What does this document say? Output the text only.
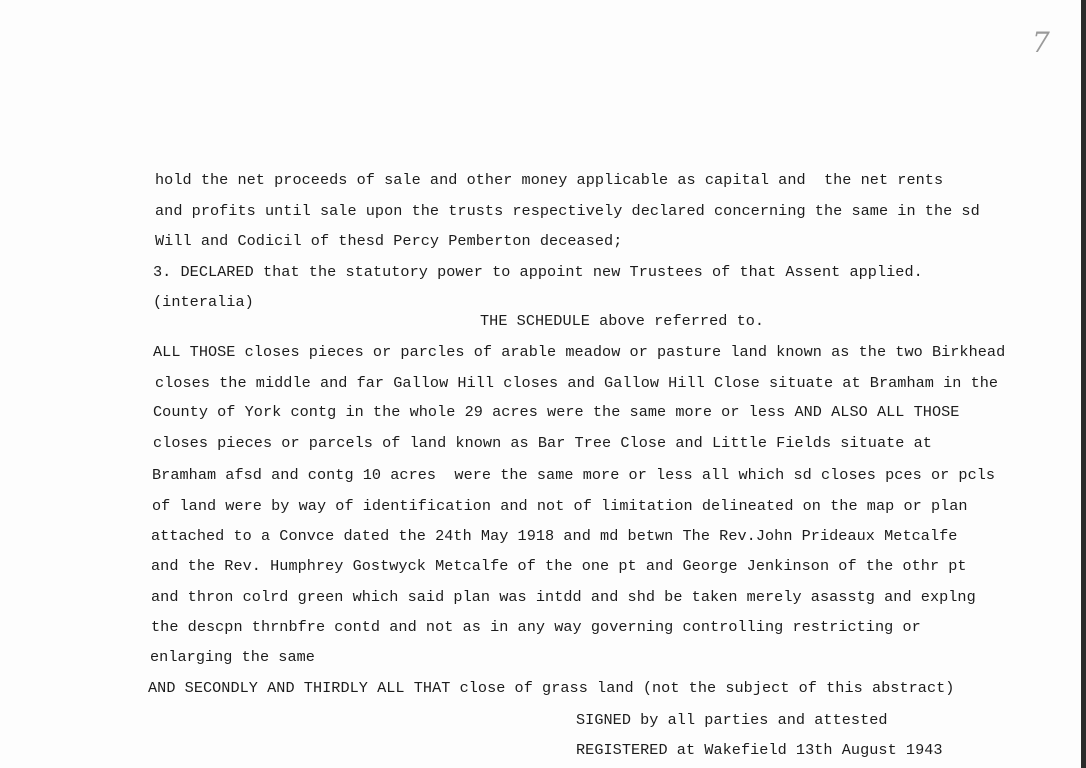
7
hold the net proceeds of sale and other money applicable as capital and  the net rents
and profits until sale upon the trusts respectively declared concerning the same in the sd
Will and Codicil of thesd Percy Pemberton deceased;
3. DECLARED that the statutory power to appoint new Trustees of that Assent applied.
(interalia)
THE SCHEDULE above referred to.
ALL THOSE closes pieces or parcles of arable meadow or pasture land known as the two Birkhead
closes the middle and far Gallow Hill closes and Gallow Hill Close situate at Bramham in the
County of York contg in the whole 29 acres were the same more or less AND ALSO ALL THOSE
closes pieces or parcels of land known as Bar Tree Close and Little Fields situate at
Bramham afsd and contg 10 acres  were the same more or less all which sd closes pces or pcls
of land were by way of identification and not of limitation delineated on the map or plan
attached to a Convce dated the 24th May 1918 and md betwn The Rev.John Prideaux Metcalfe
and the Rev. Humphrey Gostwyck Metcalfe of the one pt and George Jenkinson of the othr pt
and thron colrd green which said plan was intdd and shd be taken merely asasstg and explng
the descpn thrnbfre contd and not as in any way governing controlling restricting or
enlarging the same
AND SECONDLY AND THIRDLY ALL THAT close of grass land (not the subject of this abstract)
SIGNED by all parties and attested
REGISTERED at Wakefield 13th August 1943
